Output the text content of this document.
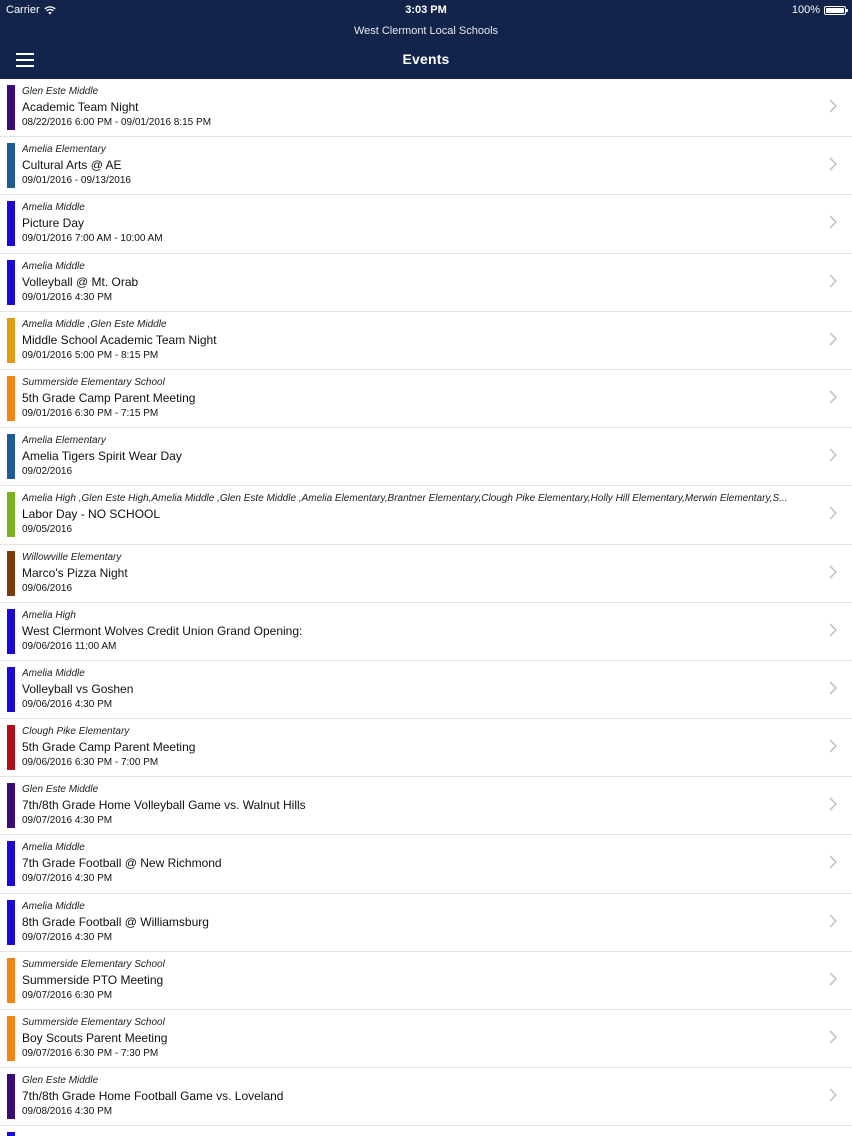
Carrier	3:03 PM	100%
West Clermont Local Schools
Events
Glen Este Middle
Academic Team Night
08/22/2016 6:00 PM - 09/01/2016 8:15 PM
Amelia Elementary
Cultural Arts @ AE
09/01/2016 - 09/13/2016
Amelia Middle
Picture Day
09/01/2016 7:00 AM - 10:00 AM
Amelia Middle
Volleyball @ Mt. Orab
09/01/2016 4:30 PM
Amelia Middle ,Glen Este Middle
Middle School Academic Team Night
09/01/2016 5:00 PM - 8:15 PM
Summerside Elementary School
5th Grade Camp Parent Meeting
09/01/2016 6:30 PM - 7:15 PM
Amelia Elementary
Amelia Tigers Spirit Wear Day
09/02/2016
Amelia High ,Glen Este High,Amelia Middle ,Glen Este Middle ,Amelia Elementary,Brantner Elementary,Clough Pike Elementary,Holly Hill Elementary,Merwin Elementary,S...
Labor Day - NO SCHOOL
09/05/2016
Willowville Elementary
Marco's Pizza Night
09/06/2016
Amelia High
West Clermont Wolves Credit Union Grand Opening:
09/06/2016 11:00 AM
Amelia Middle
Volleyball vs Goshen
09/06/2016 4:30 PM
Clough Pike Elementary
5th Grade Camp Parent Meeting
09/06/2016 6:30 PM - 7:00 PM
Glen Este Middle
7th/8th Grade Home Volleyball Game vs. Walnut Hills
09/07/2016 4:30 PM
Amelia Middle
7th Grade Football @ New Richmond
09/07/2016 4:30 PM
Amelia Middle
8th Grade Football @ Williamsburg
09/07/2016 4:30 PM
Summerside Elementary School
Summerside PTO Meeting
09/07/2016 6:30 PM
Summerside Elementary School
Boy Scouts Parent Meeting
09/07/2016 6:30 PM - 7:30 PM
Glen Este Middle
7th/8th Grade Home Football Game vs. Loveland
09/08/2016 4:30 PM
